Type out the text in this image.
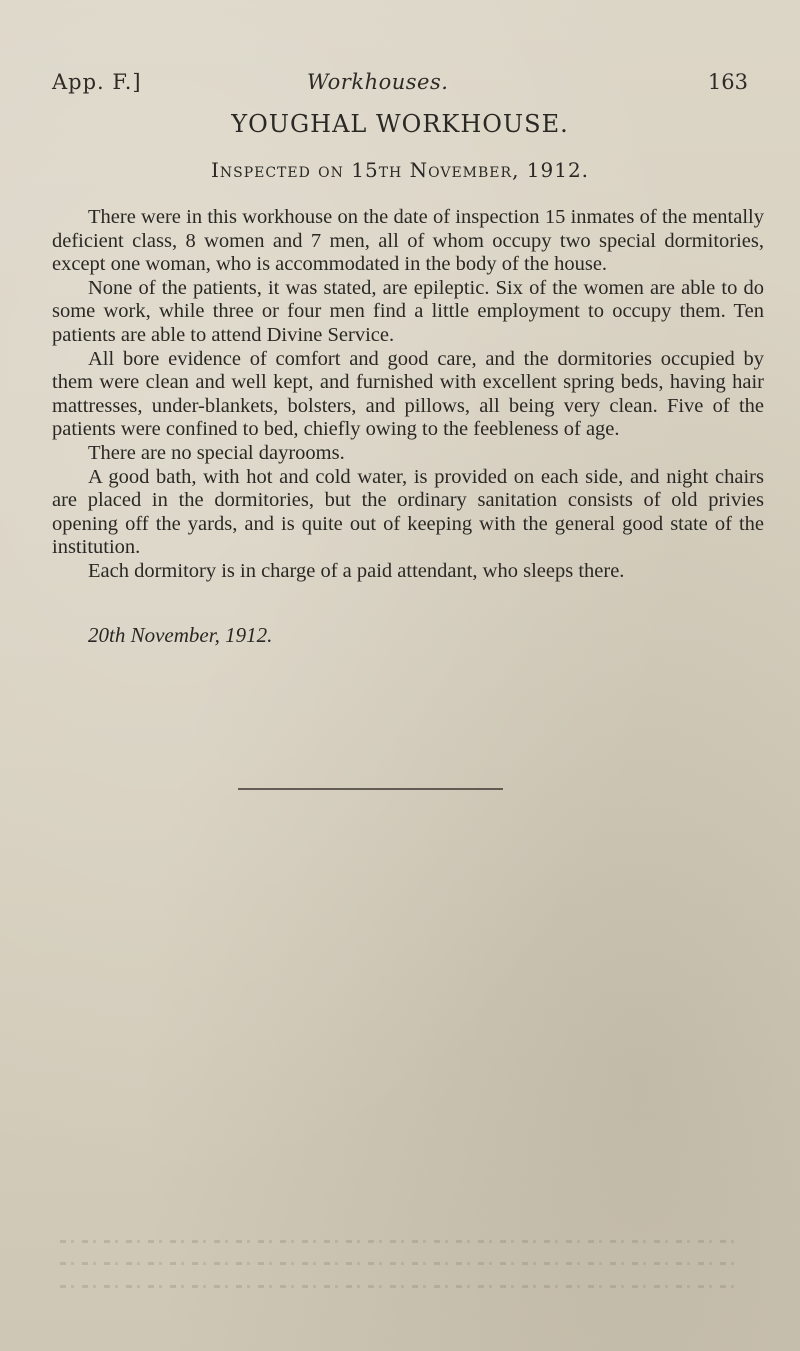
App. F.]	Workhouses.	163
YOUGHAL WORKHOUSE.
Inspected on 15th November, 1912.

There were in this workhouse on the date of inspection 15 inmates of the mentally deficient class, 8 women and 7 men, all of whom occupy two special dormitories, except one woman, who is accommodated in the body of the house.

None of the patients, it was stated, are epileptic. Six of the women are able to do some work, while three or four men find a little employment to occupy them. Ten patients are able to attend Divine Service.

All bore evidence of comfort and good care, and the dormitories occupied by them were clean and well kept, and furnished with excellent spring beds, having hair mattresses, under-blankets, bolsters, and pillows, all being very clean. Five of the patients were confined to bed, chiefly owing to the feebleness of age.

There are no special dayrooms.

A good bath, with hot and cold water, is provided on each side, and night chairs are placed in the dormitories, but the ordinary sanitation consists of old privies opening off the yards, and is quite out of keeping with the general good state of the institution.

Each dormitory is in charge of a paid attendant, who sleeps there.

20th November, 1912.
